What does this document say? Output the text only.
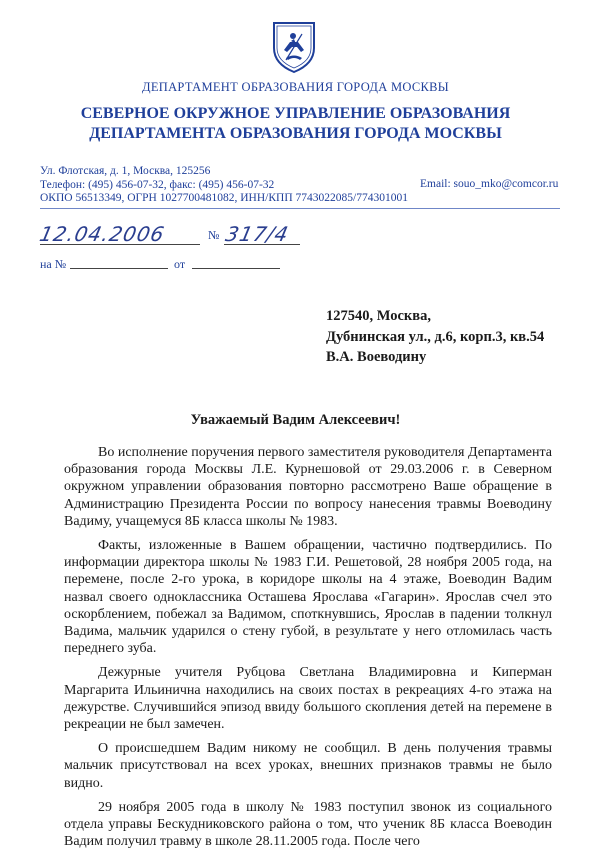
ДЕПАРТАМЕНТ ОБРАЗОВАНИЯ ГОРОДА МОСКВЫ
СЕВЕРНОЕ ОКРУЖНОЕ УПРАВЛЕНИЕ ОБРАЗОВАНИЯ
ДЕПАРТАМЕНТА ОБРАЗОВАНИЯ ГОРОДА МОСКВЫ
Ул. Флотская, д. 1, Москва, 125256
Телефон: (495) 456-07-32, факс: (495) 456-07-32
ОКПО 56513349, ОГРН 1027700481082, ИНН/КПП 7743022085/774301001
Email: souo_mko@comcor.ru
12.04.2006	№ 317/4
на №	от
127540, Москва,
Дубнинская ул., д.6, корп.3, кв.54
В.А. Воеводину
Уважаемый Вадим Алексеевич!

Во исполнение поручения первого заместителя руководителя Департамента образования города Москвы Л.Е. Курнешовой от 29.03.2006 г. в Северном окружном управлении образования повторно рассмотрено Ваше обращение в Администрацию Президента России по вопросу нанесения травмы Воеводину Вадиму, учащемуся 8Б класса школы № 1983.

Факты, изложенные в Вашем обращении, частично подтвердились. По информации директора школы № 1983 Г.И. Решетовой, 28 ноября 2005 года, на перемене, после 2-го урока, в коридоре школы на 4 этаже, Воеводин Вадим назвал своего одноклассника Осташева Ярослава «Гагарин». Ярослав счел это оскорблением, побежал за Вадимом, споткнувшись, Ярослав в падении толкнул Вадима, мальчик ударился о стену губой, в результате у него отломилась часть переднего зуба.

Дежурные учителя Рубцова Светлана Владимировна и Киперман Маргарита Ильинична находились на своих постах в рекреациях 4-го этажа на дежурстве. Случившийся эпизод ввиду большого скопления детей на перемене в рекреации не был замечен.

О происшедшем Вадим никому не сообщил. В день получения травмы мальчик присутствовал на всех уроках, внешних признаков травмы не было видно.

29 ноября 2005 года в школу № 1983 поступил звонок из социального отдела управы Бескудниковского района о том, что ученик 8Б класса Воеводин Вадим получил травму в школе 28.11.2005 года. После чего
